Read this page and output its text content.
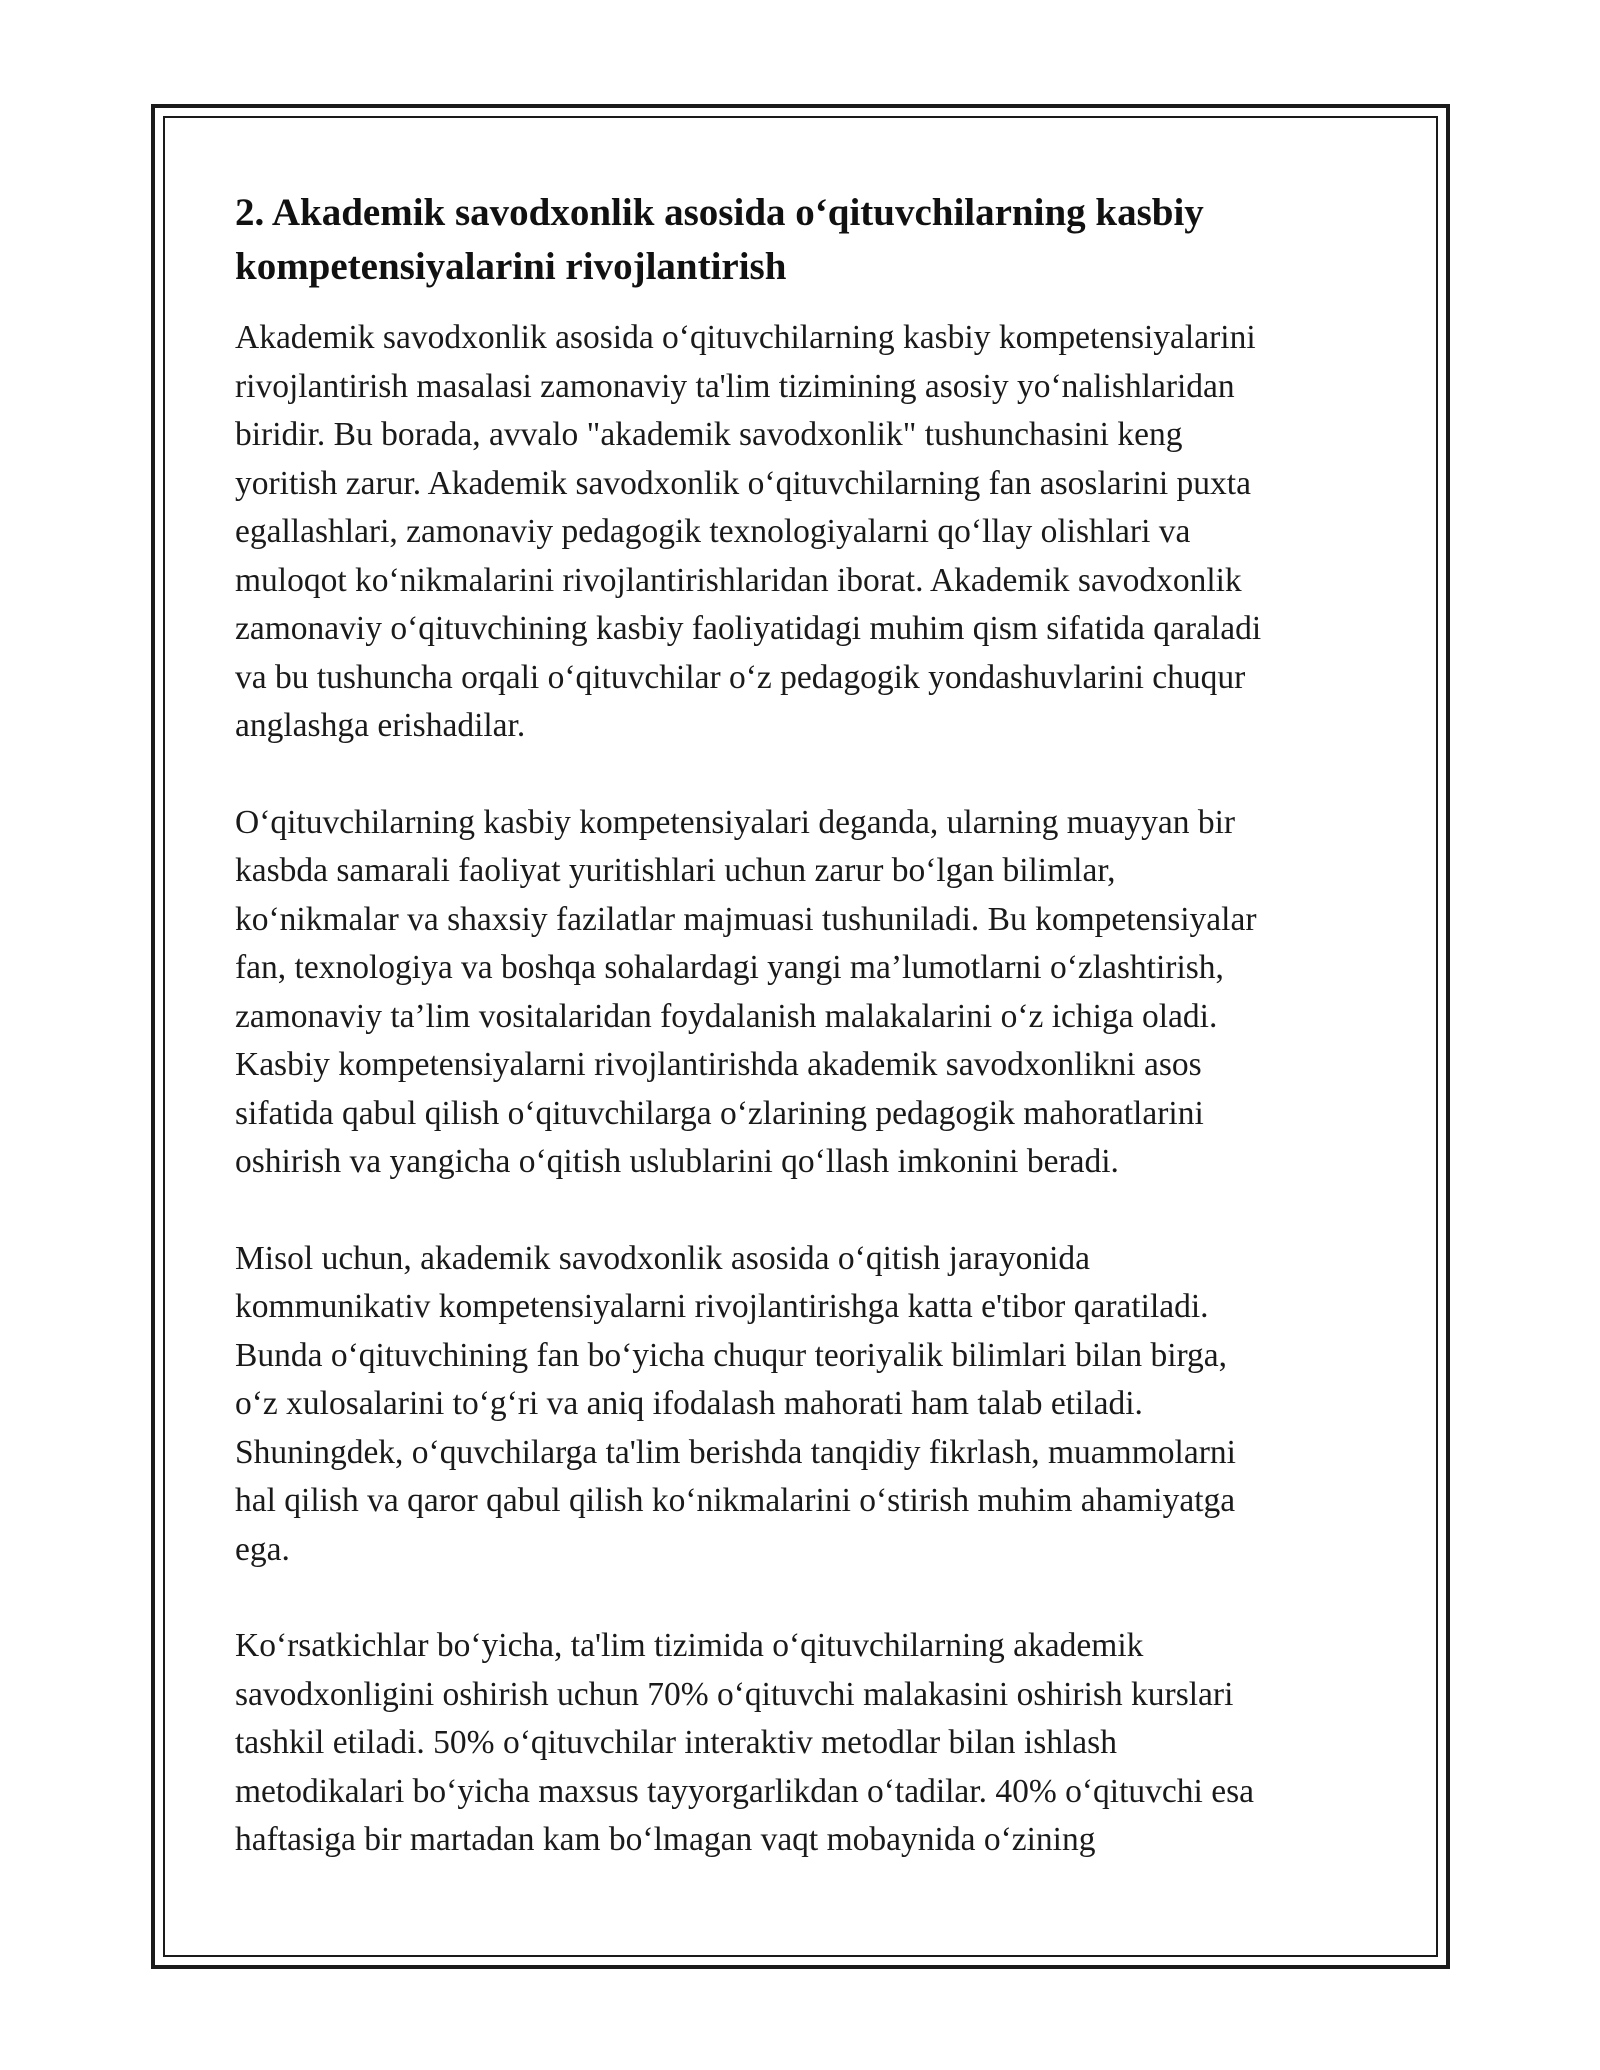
2. Akademik savodxonlik asosida o‘qituvchilarning kasbiy
kompetensiyalarini rivojlantirish

Akademik savodxonlik asosida o‘qituvchilarning kasbiy kompetensiyalarini
rivojlantirish masalasi zamonaviy ta'lim tizimining asosiy yo‘nalishlaridan
biridir. Bu borada, avvalo "akademik savodxonlik" tushunchasini keng
yoritish zarur. Akademik savodxonlik o‘qituvchilarning fan asoslarini puxta
egallashlari, zamonaviy pedagogik texnologiyalarni qo‘llay olishlari va
muloqot ko‘nikmalarini rivojlantirishlaridan iborat. Akademik savodxonlik
zamonaviy o‘qituvchining kasbiy faoliyatidagi muhim qism sifatida qaraladi
va bu tushuncha orqali o‘qituvchilar o‘z pedagogik yondashuvlarini chuqur
anglashga erishadilar.

O‘qituvchilarning kasbiy kompetensiyalari deganda, ularning muayyan bir
kasbda samarali faoliyat yuritishlari uchun zarur bo‘lgan bilimlar,
ko‘nikmalar va shaxsiy fazilatlar majmuasi tushuniladi. Bu kompetensiyalar
fan, texnologiya va boshqa sohalardagi yangi ma’lumotlarni o‘zlashtirish,
zamonaviy ta’lim vositalaridan foydalanish malakalarini o‘z ichiga oladi.
Kasbiy kompetensiyalarni rivojlantirishda akademik savodxonlikni asos
sifatida qabul qilish o‘qituvchilarga o‘zlarining pedagogik mahoratlarini
oshirish va yangicha o‘qitish uslublarini qo‘llash imkonini beradi.

Misol uchun, akademik savodxonlik asosida o‘qitish jarayonida
kommunikativ kompetensiyalarni rivojlantirishga katta e'tibor qaratiladi.
Bunda o‘qituvchining fan bo‘yicha chuqur teoriyalik bilimlari bilan birga,
o‘z xulosalarini to‘g‘ri va aniq ifodalash mahorati ham talab etiladi.
Shuningdek, o‘quvchilarga ta'lim berishda tanqidiy fikrlash, muammolarni
hal qilish va qaror qabul qilish ko‘nikmalarini o‘stirish muhim ahamiyatga
ega.

Ko‘rsatkichlar bo‘yicha, ta'lim tizimida o‘qituvchilarning akademik
savodxonligini oshirish uchun 70% o‘qituvchi malakasini oshirish kurslari
tashkil etiladi. 50% o‘qituvchilar interaktiv metodlar bilan ishlash
metodikalari bo‘yicha maxsus tayyorgarlikdan o‘tadilar. 40% o‘qituvchi esa
haftasiga bir martadan kam bo‘lmagan vaqt mobaynida o‘zining
